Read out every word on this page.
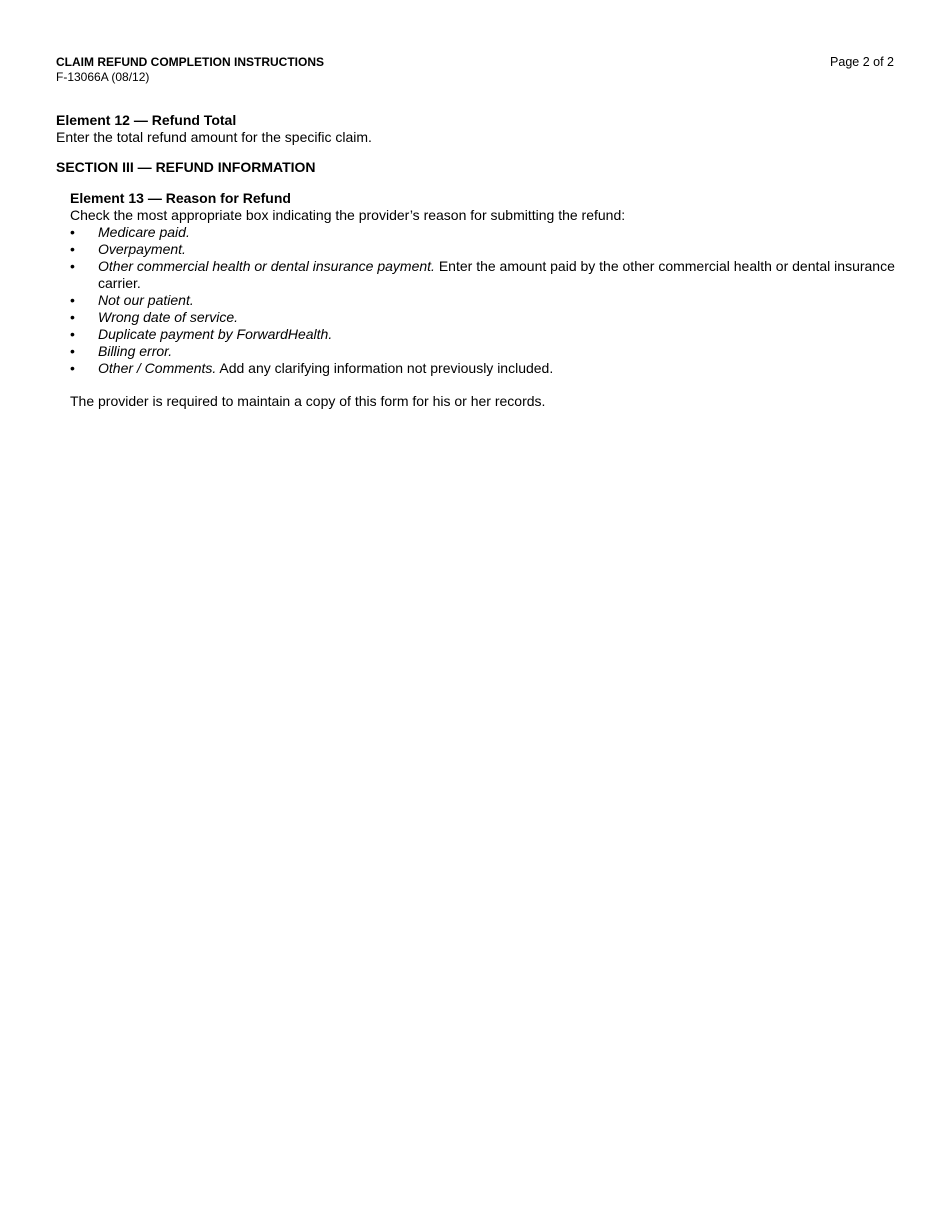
CLAIM REFUND COMPLETION INSTRUCTIONS
F-13066A (08/12)
Page 2 of 2
Element 12 — Refund Total
Enter the total refund amount for the specific claim.
SECTION III — REFUND INFORMATION
Element 13 — Reason for Refund
Check the most appropriate box indicating the provider’s reason for submitting the refund:
• Medicare paid.
• Overpayment.
• Other commercial health or dental insurance payment. Enter the amount paid by the other commercial health or dental insurance carrier.
• Not our patient.
• Wrong date of service.
• Duplicate payment by ForwardHealth.
• Billing error.
• Other / Comments. Add any clarifying information not previously included.
The provider is required to maintain a copy of this form for his or her records.
